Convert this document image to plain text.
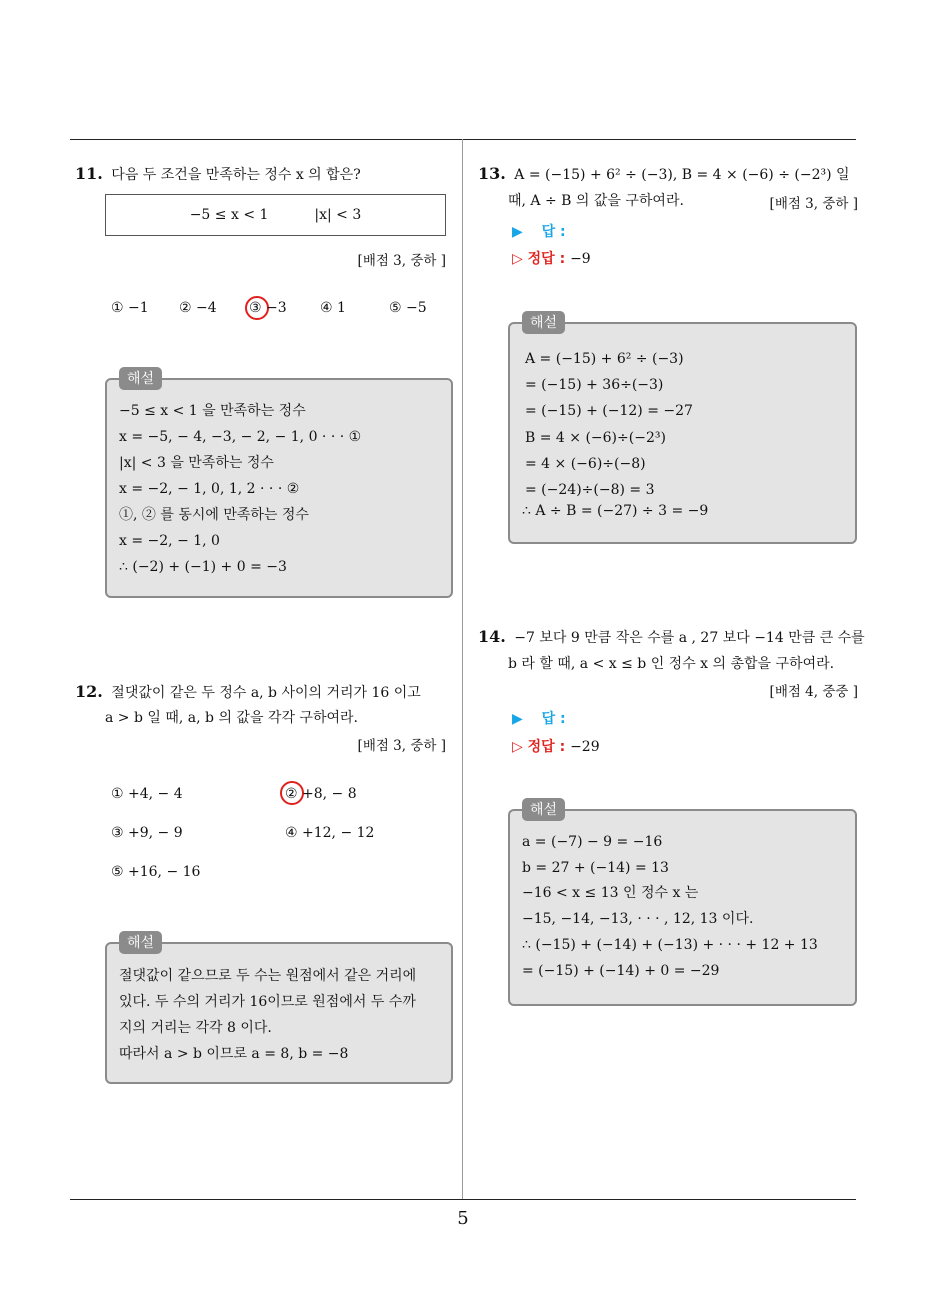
5
11. 다음 두 조건을 만족하는 정수 x 의 합은?
−5 ≤ x < 1	|x| < 3
[배점 3, 중하 ]
① −1 ② −4 ③ −3 ④ 1	⑤ −5
해설
−5 ≤ x < 1 을 만족하는 정수
x = −5, − 4, −3, − 2, − 1, 0 · · · ①
|x| < 3 을 만족하는 정수
x = −2, − 1, 0, 1, 2 · · · ②
①, ② 를 동시에 만족하는 정수
x = −2, − 1, 0
∴ (−2) + (−1) + 0 = −3
12. 절댓값이 같은 두 정수 a, b 사이의 거리가 16 이고
a > b 일 때, a, b 의 값을 각각 구하여라.
[배점 3, 중하 ]
① +4, − 4	② +8, − 8
③ +9, − 9	④ +12, − 12
⑤ +16, − 16
해설
절댓값이 같으므로 두 수는 원점에서 같은 거리에
있다. 두 수의 거리가 16이므로 원점에서 두 수까
지의 거리는 각각 8 이다.
따라서 a > b 이므로 a = 8, b = −8
13. A = (−15) + 6² ÷ (−3), B = 4 × (−6) ÷ (−2³) 일
때, A ÷ B 의 값을 구하여라.	[배점 3, 중하 ]
▶ 답 :
▷ 정답 : −9
해설
A = (−15) + 6² ÷ (−3)
= (−15) + 36÷(−3)
= (−15) + (−12) = −27
B = 4 × (−6)÷(−2³)
= 4 × (−6)÷(−8)
= (−24)÷(−8) = 3
∴ A ÷ B = (−27) ÷ 3 = −9
14. −7 보다 9 만큼 작은 수를 a , 27 보다 −14 만큼 큰 수를
b 라 할 때, a < x ≤ b 인 정수 x 의 총합을 구하여라.
[배점 4, 중중 ]
▶ 답 :
▷ 정답 : −29
해설
a = (−7) − 9 = −16
b = 27 + (−14) = 13
−16 < x ≤ 13 인 정수 x 는
−15, −14, −13, · · · , 12, 13 이다.
∴ (−15) + (−14) + (−13) + · · · + 12 + 13
= (−15) + (−14) + 0 = −29
